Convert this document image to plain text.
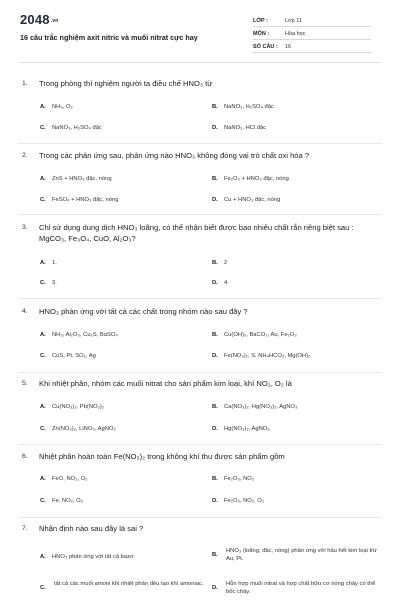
2048.vn
16 câu trắc nghiệm axit nitric và muối nitrat cực hay
LỚP :	Lớp 11
MÔN :	Hóa học
SỐ CÂU : 16
1. Trong phòng thí nghiệm người ta điều chế HNO₃ từ
A. NH₃, O₂	B. NaNO₃, H₂SO₄ đặc
C. NaNO₃, H₂SO₄ đặc	D. NaNO₂, HCl đặc
2. Trong các phản ứng sau, phản ứng nào HNO₃ không đóng vai trò chất oxi hóa ?
A. ZnS + HNO₃ đặc, nóng	B. Fe₂O₃ + HNO₃ đặc, nóng
C. FeSO₄ + HNO₃ đặc, nóng	D. Cu + HNO₃ đặc, nóng
3. Chỉ sử dụng dung dịch HNO₃ loãng, có thể nhận biết được bao nhiêu chất rắn riêng biệt sau : MgCO₃, Fe₃O₄, CuO, Al₂O₃?
A. 1.	B. 2
C. 3.	D. 4.
4. HNO₃ phản ứng với tất cả các chất trong nhóm nào sau đây ?
A. NH₃, Al₂O₃, Cu₂S, BaSO₄	B. Cu(OH)₂, BaCO₃, Au, Fe₂O₃
C. CuS, Pt, SO₂, Ag	D. Fe(NO₃)₂, S, NH₄HCO₃, Mg(OH)₂
5. Khi nhiệt phân, nhóm các muối nitrat cho sản phẩm kim loại, khí NO₂, O₂ là
A. Cu(NO₃)₂, Pb(NO₃)₂	B. Ca(NO₃)₂, Hg(NO₃)₂, AgNO₃
C. Zn(NO₃)₂, LiNO₃, AgNO₃	D. Hg(NO₃)₂, AgNO₃
6. Nhiệt phân hoàn toàn Fe(NO₃)₂ trong không khí thu được sản phẩm gồm
A. FeO, NO₂, O₂	B. Fe₂O₃, NO₂
C. Fe, NO₂, O₂	D. Fe₂O₃, NO₂, O₂
7. Nhận định nào sau đây là sai ?
A. HNO₃ phản ứng với tất cả bazơ.	B.
HNO₃ (loãng, đặc, nóng) phản ứng với hầu hết kim loại trừ Au, Pt.
C.
tất cả các muối amoni khi nhiệt phân đều tạo khí amoniac.
D.
Hỗn hợp muối nitrat và hợp chất hữu cơ nóng chảy có thể bốc cháy.
